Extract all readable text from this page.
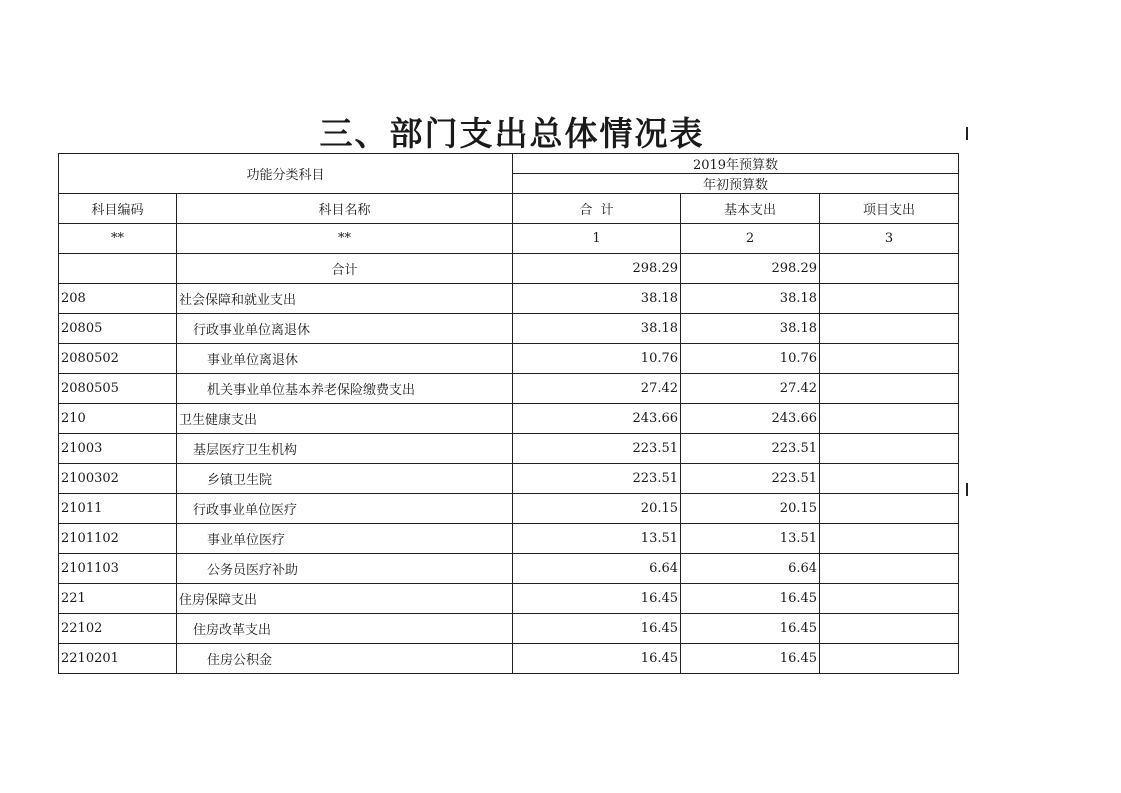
三、部门支出总体情况表
功能分类科目		2019年预算数		
		年初预算数		
科目编码	科目名称	合  计	基本支出	项目支出
**	**	1	2	3
	合计	298.29	298.29	
208	社会保障和就业支出	38.18	38.18	
20805	行政事业单位离退休	38.18	38.18	
2080502	事业单位离退休	10.76	10.76	
2080505	机关事业单位基本养老保险缴费支出	27.42	27.42	
210	卫生健康支出	243.66	243.66	
21003	基层医疗卫生机构	223.51	223.51	
2100302	乡镇卫生院	223.51	223.51	
21011	行政事业单位医疗	20.15	20.15	
2101102	事业单位医疗	13.51	13.51	
2101103	公务员医疗补助	6.64	6.64	
221	住房保障支出	16.45	16.45	
22102	住房改革支出	16.45	16.45	
2210201	住房公积金	16.45	16.45	
